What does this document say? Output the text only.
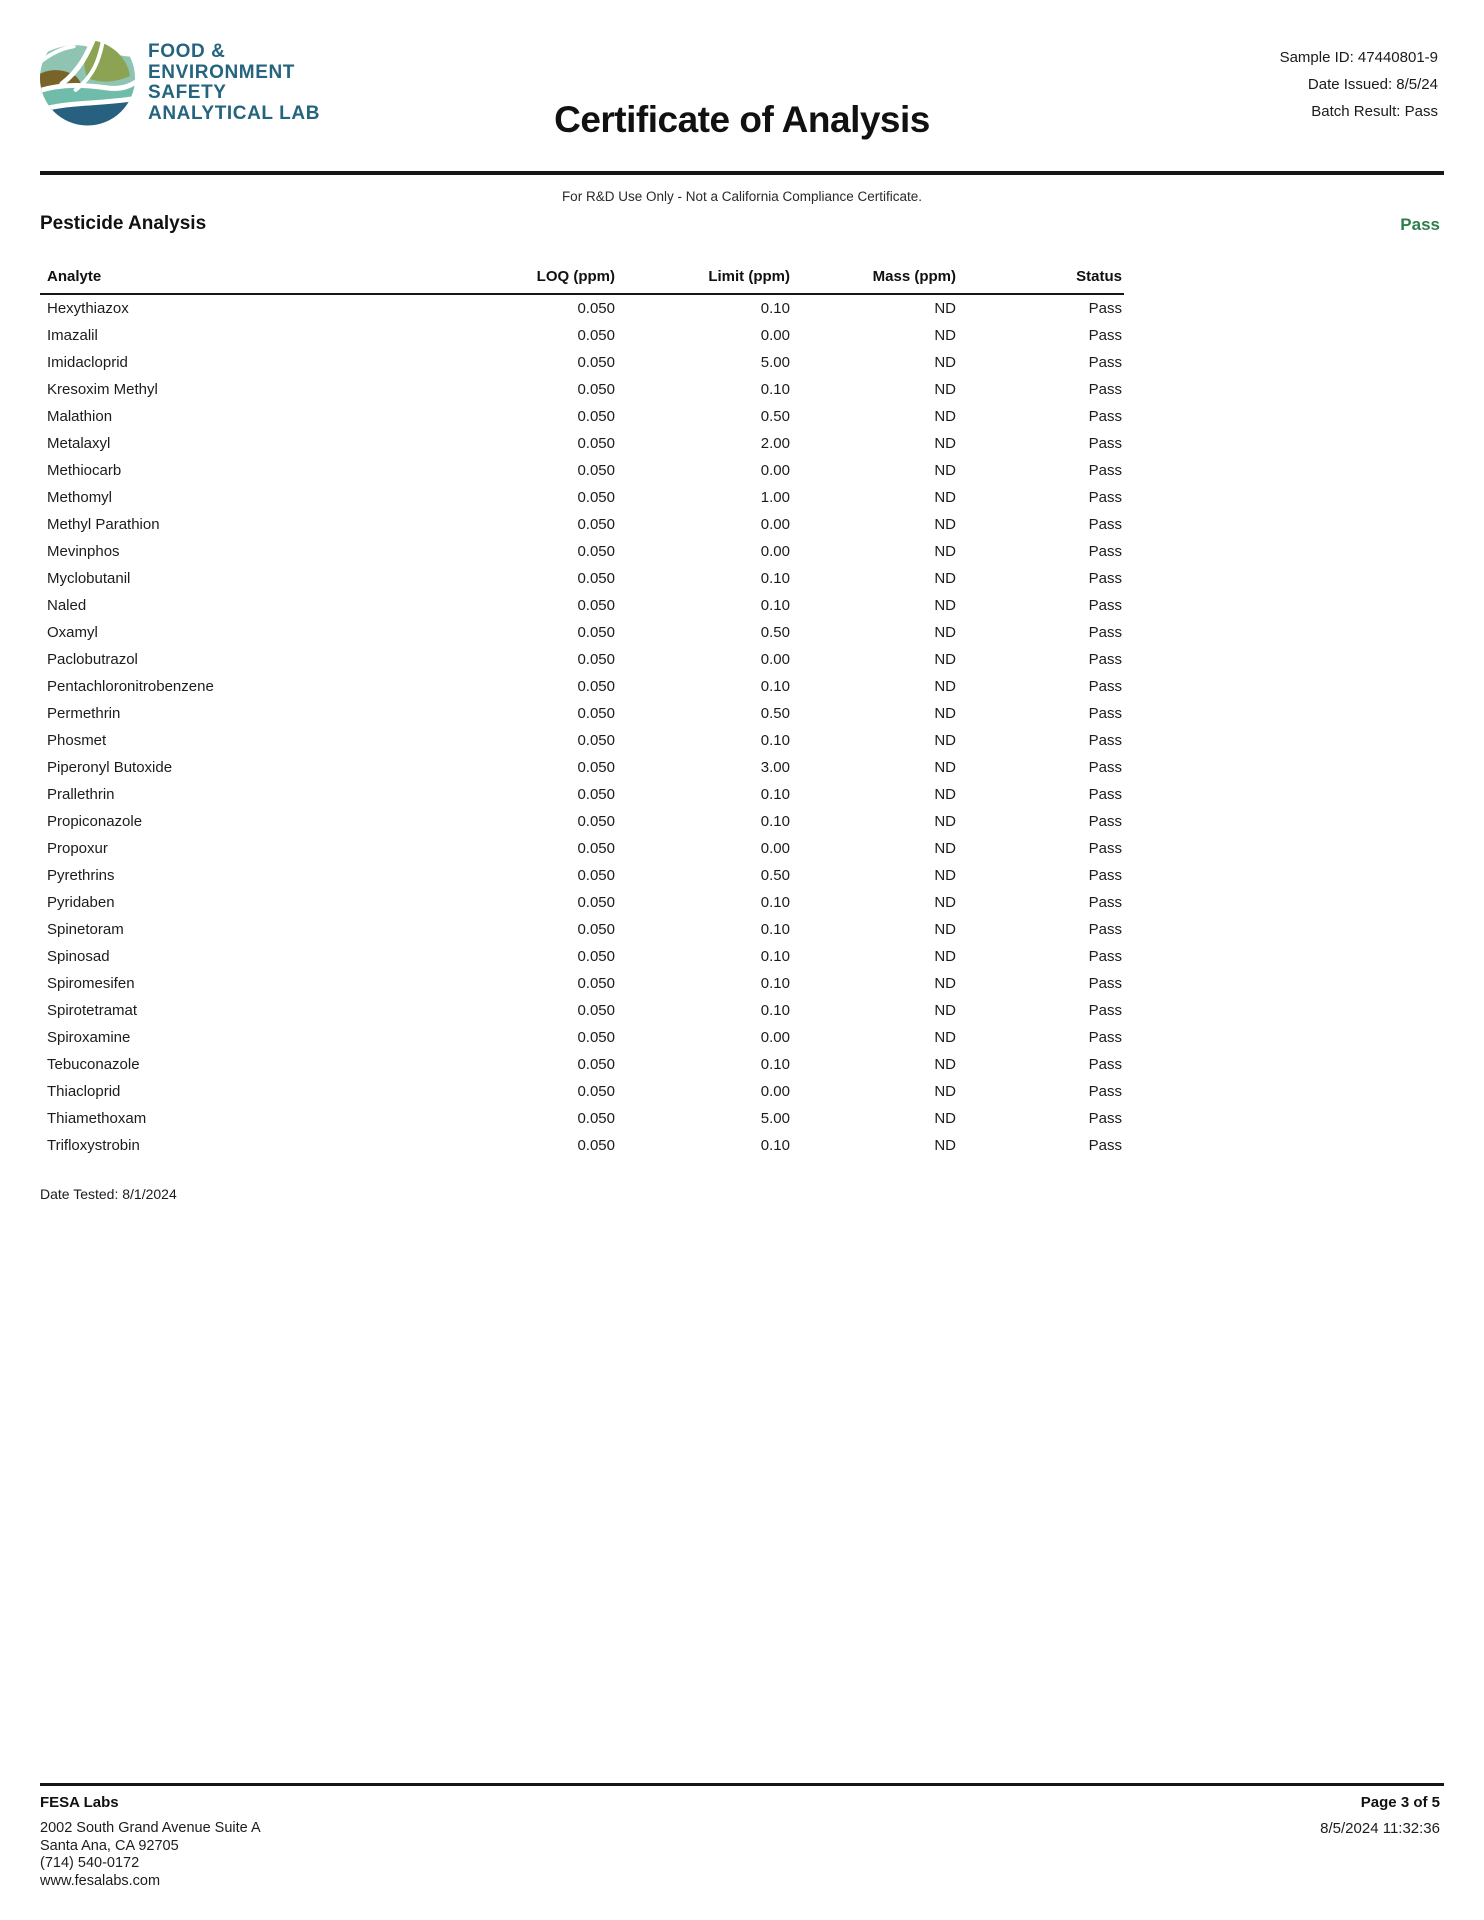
FOOD &
ENVIRONMENT
SAFETY
ANALYTICAL LAB
Sample ID: 47440801-9
Date Issued: 8/5/24
Batch Result: Pass
Certificate of Analysis
For R&D Use Only - Not a California Compliance Certificate.
Pesticide Analysis	Pass
Analyte	LOQ (ppm)	Limit (ppm)	Mass (ppm)	Status	
Hexythiazox	0.050	0.10	ND	Pass	
Imazalil	0.050	0.00	ND	Pass	
Imidacloprid	0.050	5.00	ND	Pass	
Kresoxim Methyl	0.050	0.10	ND	Pass	
Malathion	0.050	0.50	ND	Pass	
Metalaxyl	0.050	2.00	ND	Pass	
Methiocarb	0.050	0.00	ND	Pass	
Methomyl	0.050	1.00	ND	Pass	
Methyl Parathion	0.050	0.00	ND	Pass	
Mevinphos	0.050	0.00	ND	Pass	
Myclobutanil	0.050	0.10	ND	Pass	
Naled	0.050	0.10	ND	Pass	
Oxamyl	0.050	0.50	ND	Pass	
Paclobutrazol	0.050	0.00	ND	Pass	
Pentachloronitrobenzene	0.050	0.10	ND	Pass	
Permethrin	0.050	0.50	ND	Pass	
Phosmet	0.050	0.10	ND	Pass	
Piperonyl Butoxide	0.050	3.00	ND	Pass	
Prallethrin	0.050	0.10	ND	Pass	
Propiconazole	0.050	0.10	ND	Pass	
Propoxur	0.050	0.00	ND	Pass	
Pyrethrins	0.050	0.50	ND	Pass	
Pyridaben	0.050	0.10	ND	Pass	
Spinetoram	0.050	0.10	ND	Pass	
Spinosad	0.050	0.10	ND	Pass	
Spiromesifen	0.050	0.10	ND	Pass	
Spirotetramat	0.050	0.10	ND	Pass	
Spiroxamine	0.050	0.00	ND	Pass	
Tebuconazole	0.050	0.10	ND	Pass	
Thiacloprid	0.050	0.00	ND	Pass	
Thiamethoxam	0.050	5.00	ND	Pass	
Trifloxystrobin	0.050	0.10	ND	Pass	
Date Tested: 8/1/2024
FESA Labs
2002 South Grand Avenue Suite A
Santa Ana, CA 92705
(714) 540-0172
www.fesalabs.com
Page 3 of 5
8/5/2024 11:32:36
